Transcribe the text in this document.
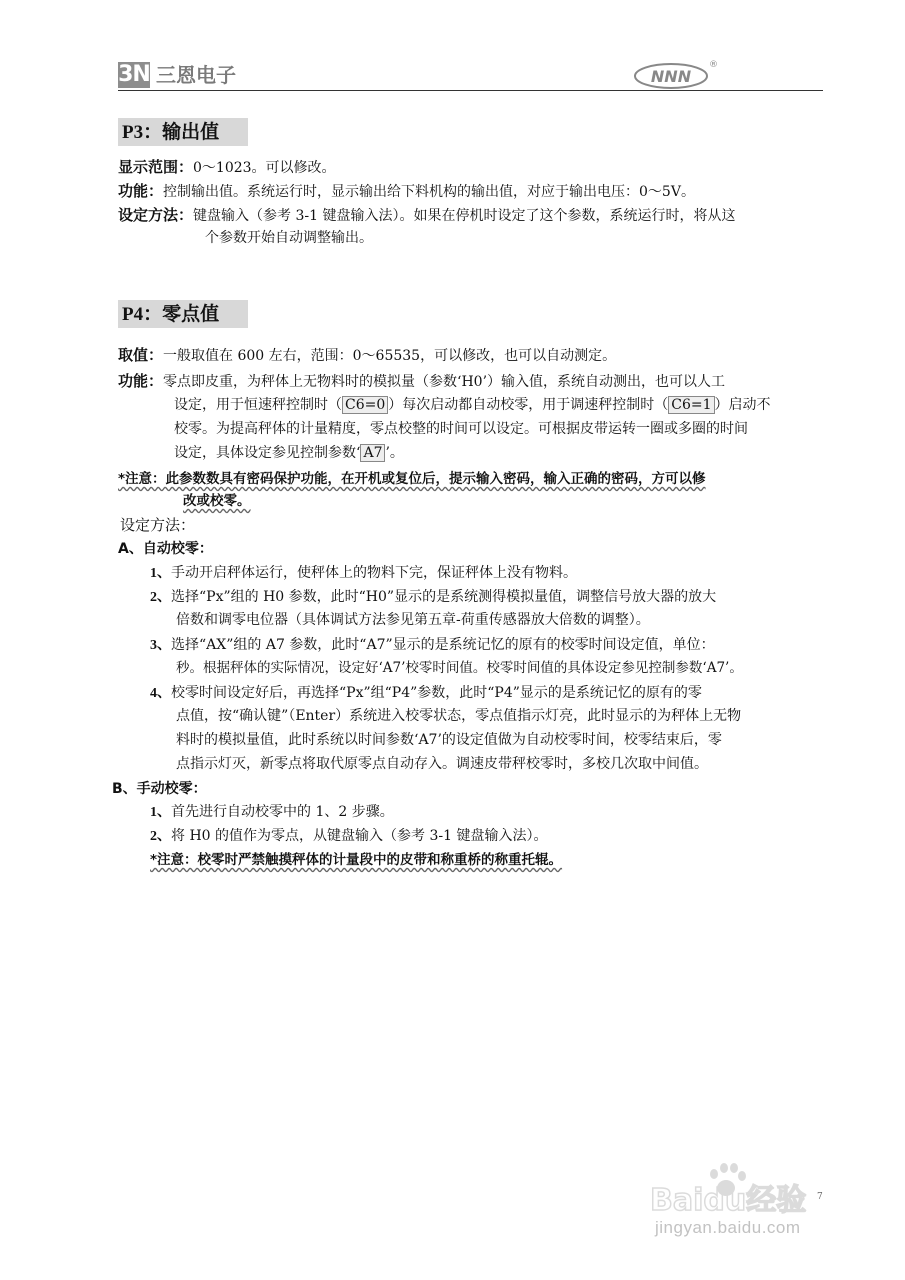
3N 三恩电子	NNN
®
P3：输出值
显示范围：0～1023。可以修改。
功能：控制输出值。系统运行时，显示输出给下料机构的输出值，对应于输出电压：0～5V。
设定方法：键盘输入（参考 3-1 键盘输入法）。如果在停机时设定了这个参数，系统运行时，将从这
个参数开始自动调整输出。
P4：零点值
取值：一般取值在 600 左右，范围：0～65535，可以修改，也可以自动测定。
功能：零点即皮重，为秤体上无物料时的模拟量（参数‘H0’）输入值，系统自动测出，也可以人工
设定，用于恒速秤控制时（ C6=0 ）每次启动都自动校零，用于调速秤控制时（ C6=1 ）启动不
校零。为提高秤体的计量精度，零点校整的时间可以设定。可根据皮带运转一圈或多圈的时间
设定，具体设定参见控制参数‘ A7 ’。
*注意：此参数数具有密码保护功能，在开机或复位后，提示输入密码，输入正确的密码，方可以修
改或校零。
设定方法：
A、自动校零：
1、手动开启秤体运行，使秤体上的物料下完，保证秤体上没有物料。
2、选择“Px”组的 H0 参数，此时“H0”显示的是系统测得模拟量值，调整信号放大器的放大
倍数和调零电位器（具体调试方法参见第五章-荷重传感器放大倍数的调整）。
3、选择“AX”组的 A7 参数，此时“A7”显示的是系统记忆的原有的校零时间设定值，单位：
秒。根据秤体的实际情况，设定好‘A7’校零时间值。校零时间值的具体设定参见控制参数‘A7’。
4、校零时间设定好后，再选择“Px”组“P4”参数，此时“P4”显示的是系统记忆的原有的零
点值，按“确认键”（Enter）系统进入校零状态，零点值指示灯亮，此时显示的为秤体上无物
料时的模拟量值，此时系统以时间参数‘A7’的设定值做为自动校零时间，校零结束后，零
点指示灯灭，新零点将取代原零点自动存入。调速皮带秤校零时，多校几次取中间值。
B、手动校零：
1、首先进行自动校零中的 1、2 步骤。
2、将 H0 的值作为零点，从键盘输入（参考 3-1 键盘输入法）。
*注意：校零时严禁触摸秤体的计量段中的皮带和称重桥的称重托辊。
7
Baidu经验
jingyan.baidu.com
